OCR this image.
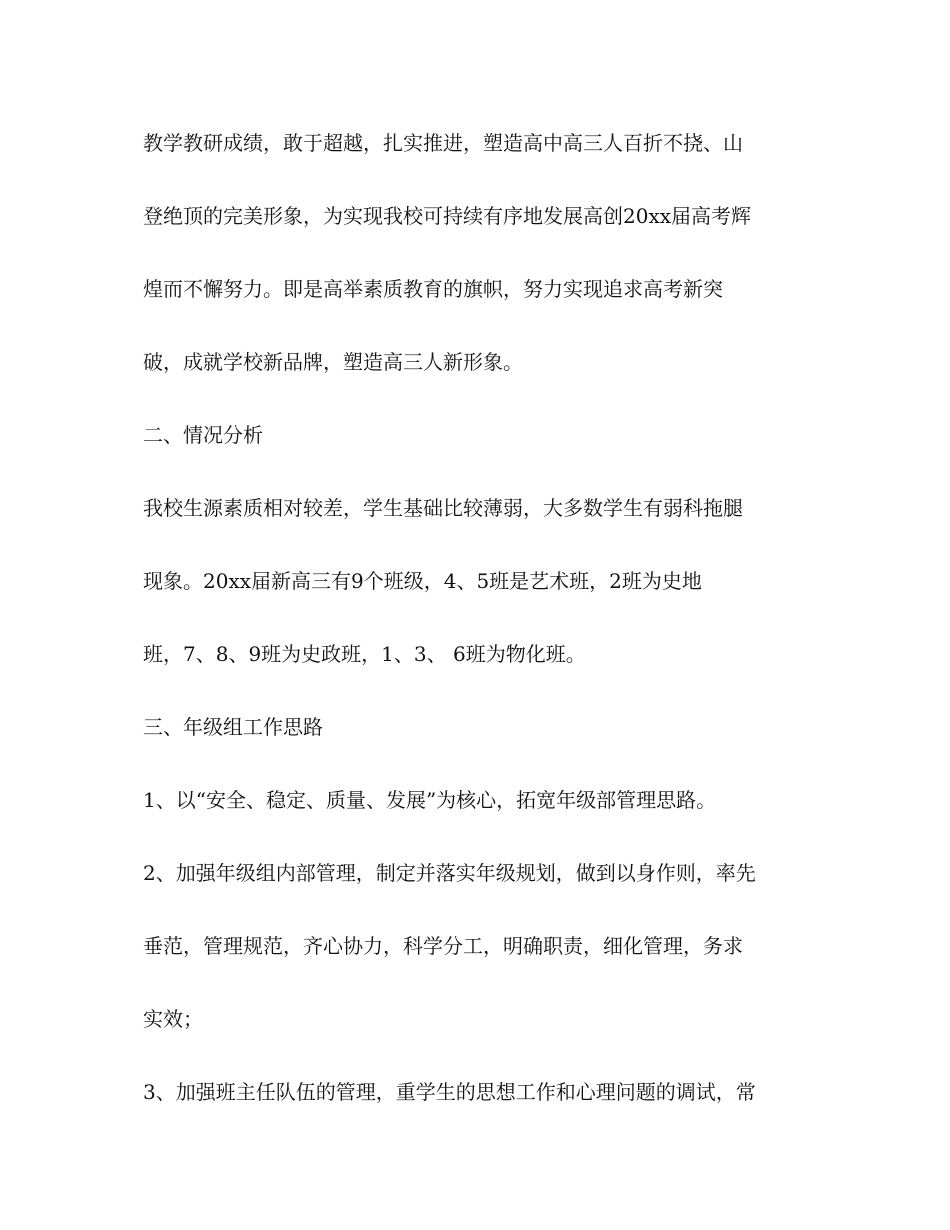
教学教研成绩，敢于超越，扎实推进，塑造高中高三人百折不挠、山

登绝顶的完美形象，为实现我校可持续有序地发展高创20xx届高考辉

煌而不懈努力。即是高举素质教育的旗帜，努力实现追求高考新突

破，成就学校新品牌，塑造高三人新形象。

二、情况分析

我校生源素质相对较差，学生基础比较薄弱，大多数学生有弱科拖腿

现象。20xx届新高三有9个班级，4、5班是艺术班，2班为史地

班，7、8、9班为史政班，1、3、 6班为物化班。

三、年级组工作思路

1、以“安全、稳定、质量、发展”为核心，拓宽年级部管理思路。

2、加强年级组内部管理，制定并落实年级规划，做到以身作则，率先

垂范，管理规范，齐心协力，科学分工，明确职责，细化管理，务求

实效；

3、加强班主任队伍的管理，重学生的思想工作和心理问题的调试，常
